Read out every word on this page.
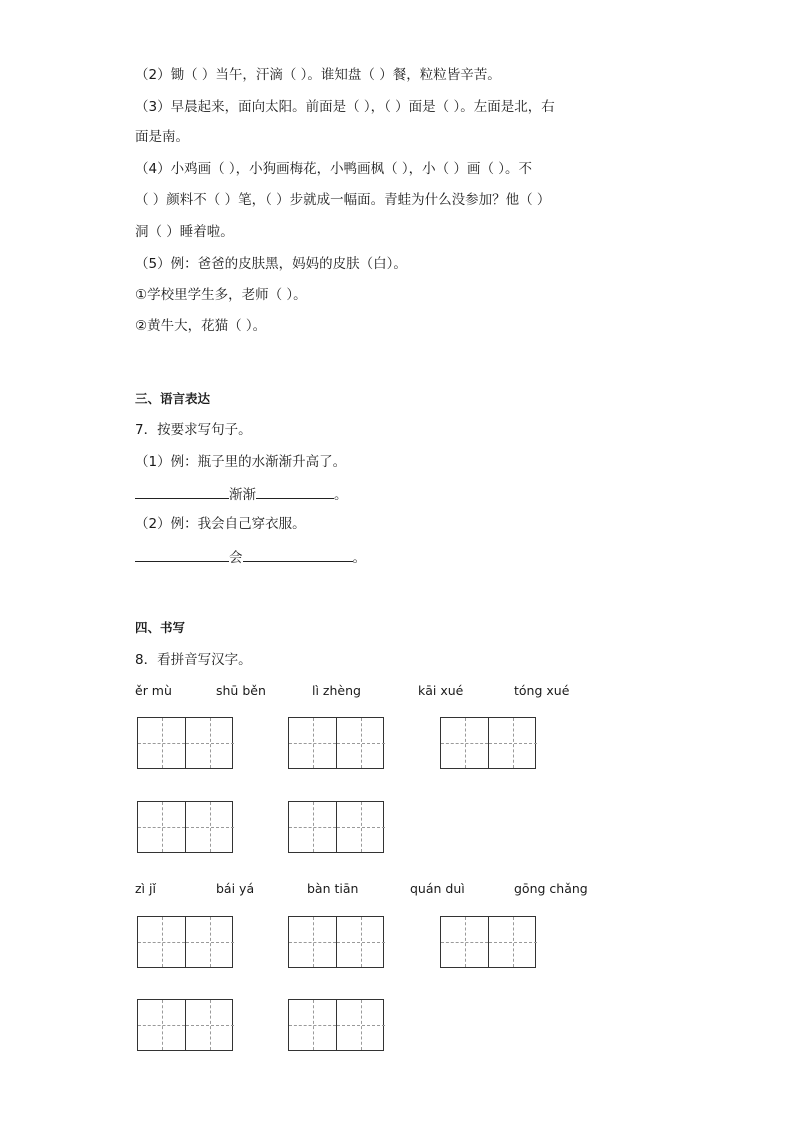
（2）锄（ ）当午，汗滴（ ）。谁知盘（ ）餐，粒粒皆辛苦。
（3）早晨起来，面向太阳。前面是（ ），（ ）面是（ ）。左面是北，右
面是南。
（4）小鸡画（ ），小狗画梅花，小鸭画枫（ ），小（ ）画（ ）。不
（ ）颜料不（ ）笔，（ ）步就成一幅面。青蛙为什么没参加？他（ ）
洞（ ）睡着啦。
（5）例：爸爸的皮肤黑，妈妈的皮肤（白）。
①学校里学生多，老师（ ）。
②黄牛大，花猫（ ）。
三、语言表达
7．按要求写句子。
（1）例：瓶子里的水渐渐升高了。
渐渐	。
（2）例：我会自己穿衣服。
会	。
四、书写
8．看拼音写汉字。
ěr mù	shū běn	lì zhèng	kāi xué	tóng xué
zì jǐ	bái yá	bàn tiān	quán duì	gōng chǎng
